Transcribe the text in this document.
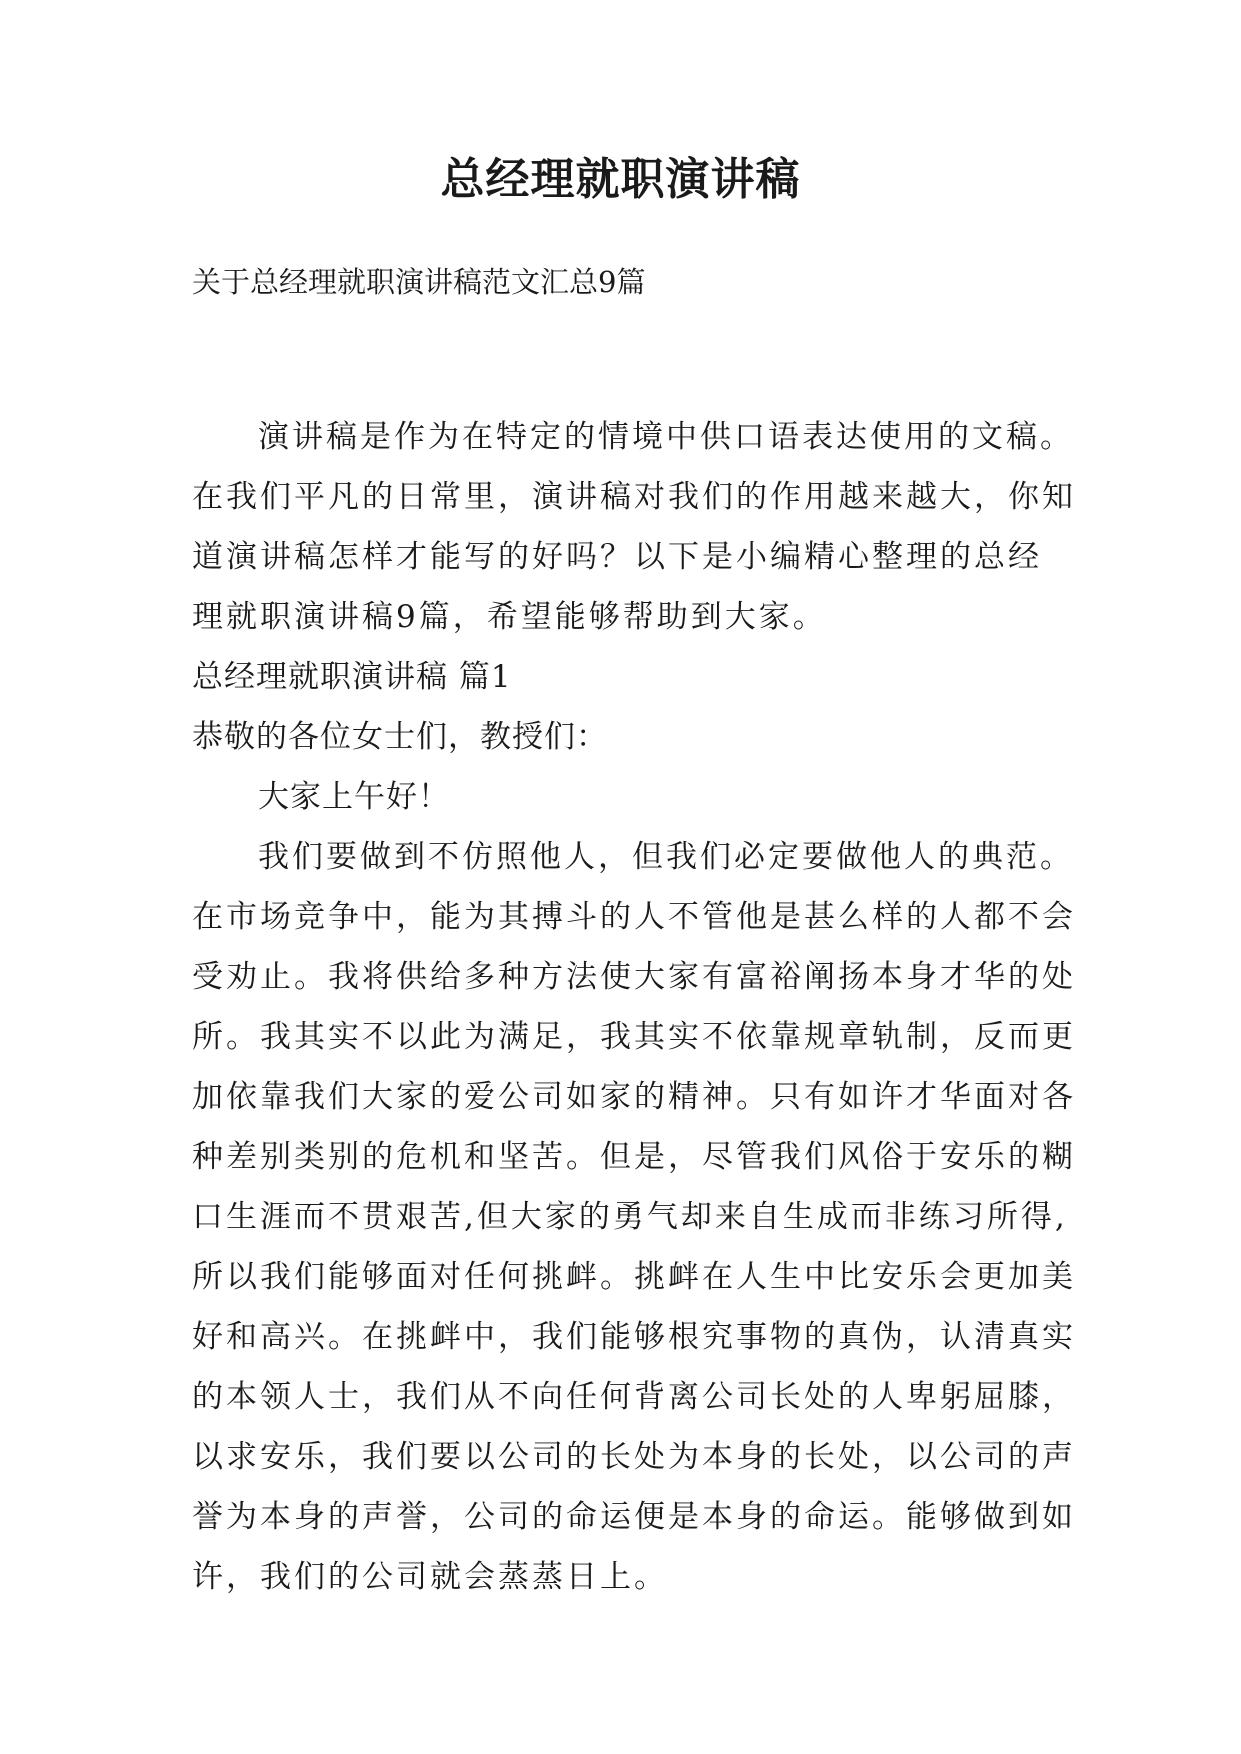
总经理就职演讲稿
关于总经理就职演讲稿范文汇总9篇
演讲稿是作为在特定的情境中供口语表达使用的文稿。
在我们平凡的日常里，演讲稿对我们的作用越来越大，你知
道演讲稿怎样才能写的好吗？以下是小编精心整理的总经
理就职演讲稿9篇，希望能够帮助到大家。
总经理就职演讲稿 篇1
恭敬的各位女士们，教授们：
大家上午好！
我们要做到不仿照他人，但我们必定要做他人的典范。
在市场竞争中，能为其搏斗的人不管他是甚么样的人都不会
受劝止。我将供给多种方法使大家有富裕阐扬本身才华的处
所。我其实不以此为满足，我其实不依靠规章轨制，反而更
加依靠我们大家的爱公司如家的精神。只有如许才华面对各
种差别类别的危机和坚苦。但是，尽管我们风俗于安乐的糊
口生涯而不贯艰苦,但大家的勇气却来自生成而非练习所得,
所以我们能够面对任何挑衅。挑衅在人生中比安乐会更加美
好和高兴。在挑衅中，我们能够根究事物的真伪，认清真实
的本领人士，我们从不向任何背离公司长处的人卑躬屈膝，
以求安乐，我们要以公司的长处为本身的长处，以公司的声
誉为本身的声誉，公司的命运便是本身的命运。能够做到如
许，我们的公司就会蒸蒸日上。
